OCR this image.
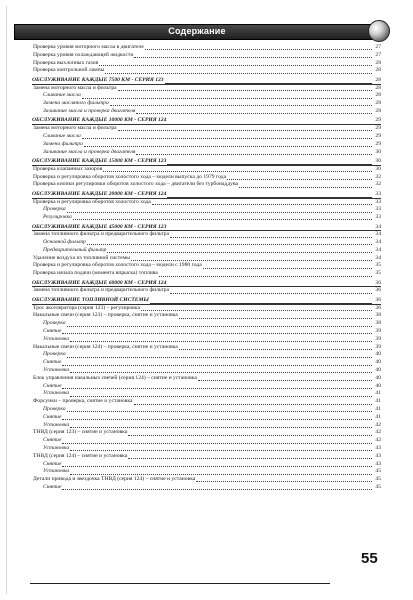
Содержание
Проверка уровня моторного масла в двигателе	27
Проверка уровня охлаждающей жидкости	27
Проверка выхлопных газов	28
Проверка контрольной лампы	28
ОБСЛУЖИВАНИЕ КАЖДЫЕ 7500 КМ - СЕРИЯ 123	28
Замена моторного масла и фильтра	28
Сливание масла	28
Замена масляного фильтра	28
Заливание масла и проверка двигателя	28
ОБСЛУЖИВАНИЕ КАЖДЫЕ 10000 КМ - СЕРИЯ 124	29
Замена моторного масла и фильтра	29
Сливание масла	29
Замена фильтра	29
Заливание масла и проверка двигателя	30
ОБСЛУЖИВАНИЕ КАЖДЫЕ 15000 КМ - СЕРИЯ 123	30
Проверка клапанных зазоров	30
Проверка и регулировка оборотов холостого хода – модели выпуска до 1979 года	32
Проверка кнопки регулировки оборотов холостого хода – двигатели без турбонаддува	32
ОБСЛУЖИВАНИЕ КАЖДЫЕ 20000 КМ - СЕРИЯ 124	33
Проверка и регулировка оборотов холостого хода	33
Проверка	33
Регулировка	33
ОБСЛУЖИВАНИЕ КАЖДЫЕ 45000 КМ - СЕРИЯ 123	34
Замена топливного фильтра и предварительного фильтра	34
Основной фильтр	34
Предварительный фильтр	34
Удаление воздуха из топливной системы	34
Проверка и регулировка оборотов холостого хода – модели с 1980 года	35
Проверка начала подачи (момента впрыска) топлива	35
ОБСЛУЖИВАНИЕ КАЖДЫЕ 60000 КМ - СЕРИЯ 124	36
Замена топливного фильтра и предварительного фильтра	36
ОБСЛУЖИВАНИЕ ТОПЛИВНОЙ СИСТЕМЫ	36
Трос акселератора (серия 123) – регулировка	36
Накальные свечи (серия 123) – проверка, снятие и установка	38
Проверка	38
Снятие	39
Установка	39
Накальные свечи (серия 124) – проверка, снятие и установка	39
Проверка	40
Снятие	40
Установка	40
Блок управления накальных свечей (серия 124) – снятие и установка	40
Снятие	40
Установка	41
Форсунки – проверка, снятие и установка	41
Проверка	41
Снятие	41
Установка	42
ТНВД (серия 123) – снятие и установка	42
Снятие	42
Установка	43
ТНВД (серия 124) – снятие и установка	43
Снятие	43
Установка	45
Детали привода и звездочка ТНВД (серия 124) – снятие и установка	45
Снятие	45
55
